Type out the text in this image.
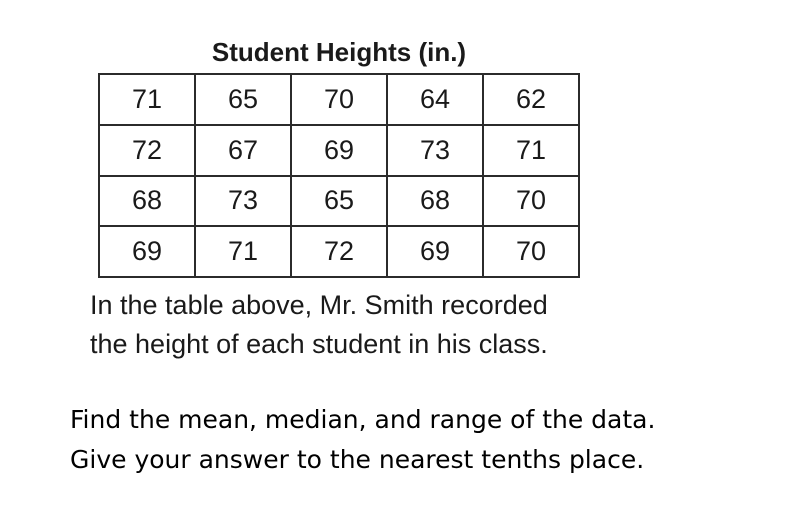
Student Heights (in.)
71	65	70	64	62
72	67	69	73	71
68	73	65	68	70
69	71	72	69	70

In the table above, Mr. Smith recorded
the height of each student in his class.

Find the mean, median, and range of the data.
Give your answer to the nearest tenths place.
